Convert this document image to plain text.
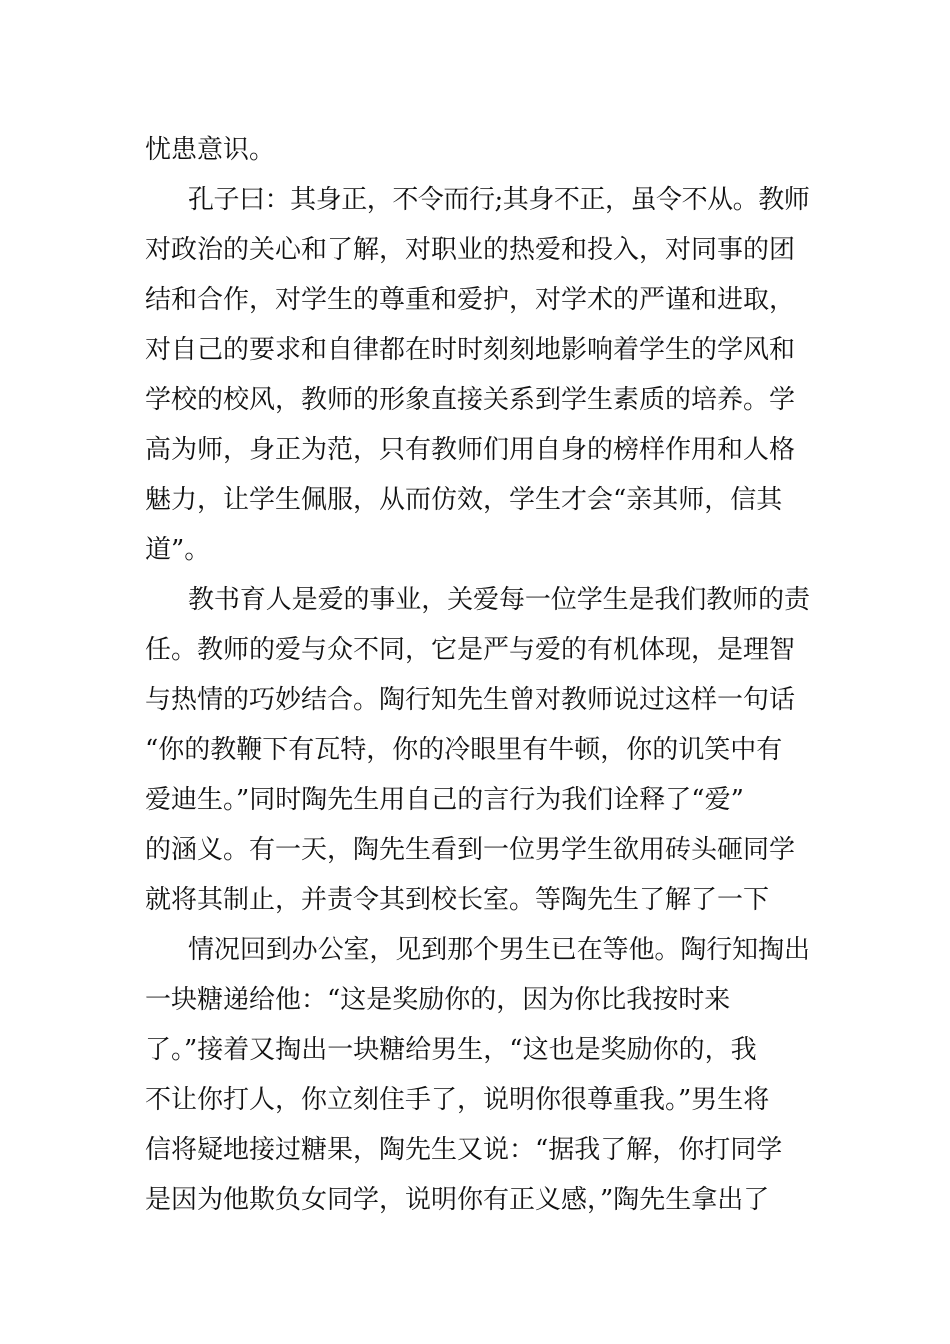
忧患意识。
孔子曰：其身正，不令而行;其身不正，虽令不从。教师
对政治的关心和了解，对职业的热爱和投入，对同事的团
结和合作，对学生的尊重和爱护，对学术的严谨和进取，
对自己的要求和自律都在时时刻刻地影响着学生的学风和
学校的校风，教师的形象直接关系到学生素质的培养。学
高为师，身正为范，只有教师们用自身的榜样作用和人格
魅力，让学生佩服，从而仿效，学生才会“亲其师，信其
道”。
教书育人是爱的事业，关爱每一位学生是我们教师的责
任。教师的爱与众不同，它是严与爱的有机体现，是理智
与热情的巧妙结合。陶行知先生曾对教师说过这样一句话
“你的教鞭下有瓦特，你的冷眼里有牛顿，你的讥笑中有
爱迪生。”同时陶先生用自己的言行为我们诠释了“爱”
的涵义。有一天，陶先生看到一位男学生欲用砖头砸同学
就将其制止，并责令其到校长室。等陶先生了解了一下
情况回到办公室，见到那个男生已在等他。陶行知掏出
一块糖递给他：“这是奖励你的，因为你比我按时来
了。”接着又掏出一块糖给男生，“这也是奖励你的，我
不让你打人，你立刻住手了，说明你很尊重我。”男生将
信将疑地接过糖果，陶先生又说：“据我了解，你打同学
是因为他欺负女同学，说明你有正义感，”陶先生拿出了
